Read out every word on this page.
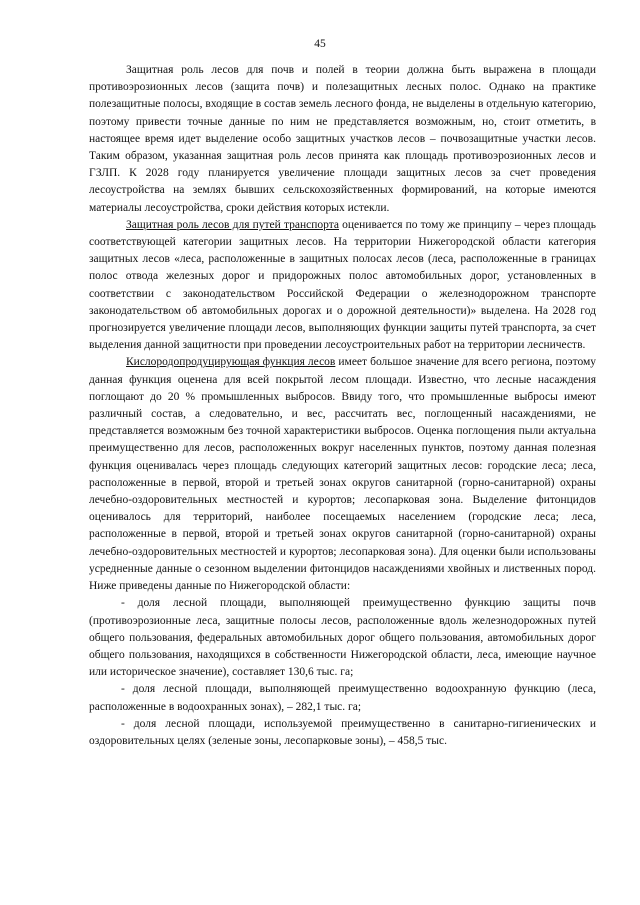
45

Защитная роль лесов для почв и полей в теории должна быть выражена в площади противоэрозионных лесов (защита почв) и полезащитных лесных полос. Однако на практике полезащитные полосы, входящие в состав земель лесного фонда, не выделены в отдельную категорию, поэтому привести точные данные по ним не представляется возможным, но, стоит отметить, в настоящее время идет выделение особо защитных участков лесов – почвозащитные участки лесов. Таким образом, указанная защитная роль лесов принята как площадь противоэрозионных лесов и ГЗЛП. К 2028 году планируется увеличение площади защитных лесов за счет проведения лесоустройства на землях бывших сельскохозяйственных формирований, на которые имеются материалы лесоустройства, сроки действия которых истекли.

Защитная роль лесов для путей транспорта оценивается по тому же принципу – через площадь соответствующей категории защитных лесов. На территории Нижегородской области категория защитных лесов «леса, расположенные в защитных полосах лесов (леса, расположенные в границах полос отвода железных дорог и придорожных полос автомобильных дорог, установленных в соответствии с законодательством Российской Федерации о железнодорожном транспорте законодательством об автомобильных дорогах и о дорожной деятельности)» выделена. На 2028 год прогнозируется увеличение площади лесов, выполняющих функции защиты путей транспорта, за счет выделения данной защитности при проведении лесоустроительных работ на территории лесничеств.

Кислородопродуцирующая функция лесов имеет большое значение для всего региона, поэтому данная функция оценена для всей покрытой лесом площади. Известно, что лесные насаждения поглощают до 20 % промышленных выбросов. Ввиду того, что промышленные выбросы имеют различный состав, а следовательно, и вес, рассчитать вес, поглощенный насаждениями, не представляется возможным без точной характеристики выбросов. Оценка поглощения пыли актуальна преимущественно для лесов, расположенных вокруг населенных пунктов, поэтому данная полезная функция оценивалась через площадь следующих категорий защитных лесов: городские леса; леса, расположенные в первой, второй и третьей зонах округов санитарной (горно-санитарной) охраны лечебно-оздоровительных местностей и курортов; лесопарковая зона. Выделение фитонцидов оценивалось для территорий, наиболее посещаемых населением (городские леса; леса, расположенные в первой, второй и третьей зонах округов санитарной (горно-санитарной) охраны лечебно-оздоровительных местностей и курортов; лесопарковая зона). Для оценки были использованы усредненные данные о сезонном выделении фитонцидов насаждениями хвойных и лиственных пород. Ниже приведены данные по Нижегородской области:

- доля лесной площади, выполняющей преимущественно функцию защиты почв (противоэрозионные леса, защитные полосы лесов, расположенные вдоль железнодорожных путей общего пользования, федеральных автомобильных дорог общего пользования, автомобильных дорог общего пользования, находящихся в собственности Нижегородской области, леса, имеющие научное или историческое значение), составляет 130,6 тыс. га;

- доля лесной площади, выполняющей преимущественно водоохранную функцию (леса, расположенные в водоохранных зонах), – 282,1 тыс. га;

- доля лесной площади, используемой преимущественно в санитарно-гигиенических и оздоровительных целях (зеленые зоны, лесопарковые зоны), – 458,5 тыс.
